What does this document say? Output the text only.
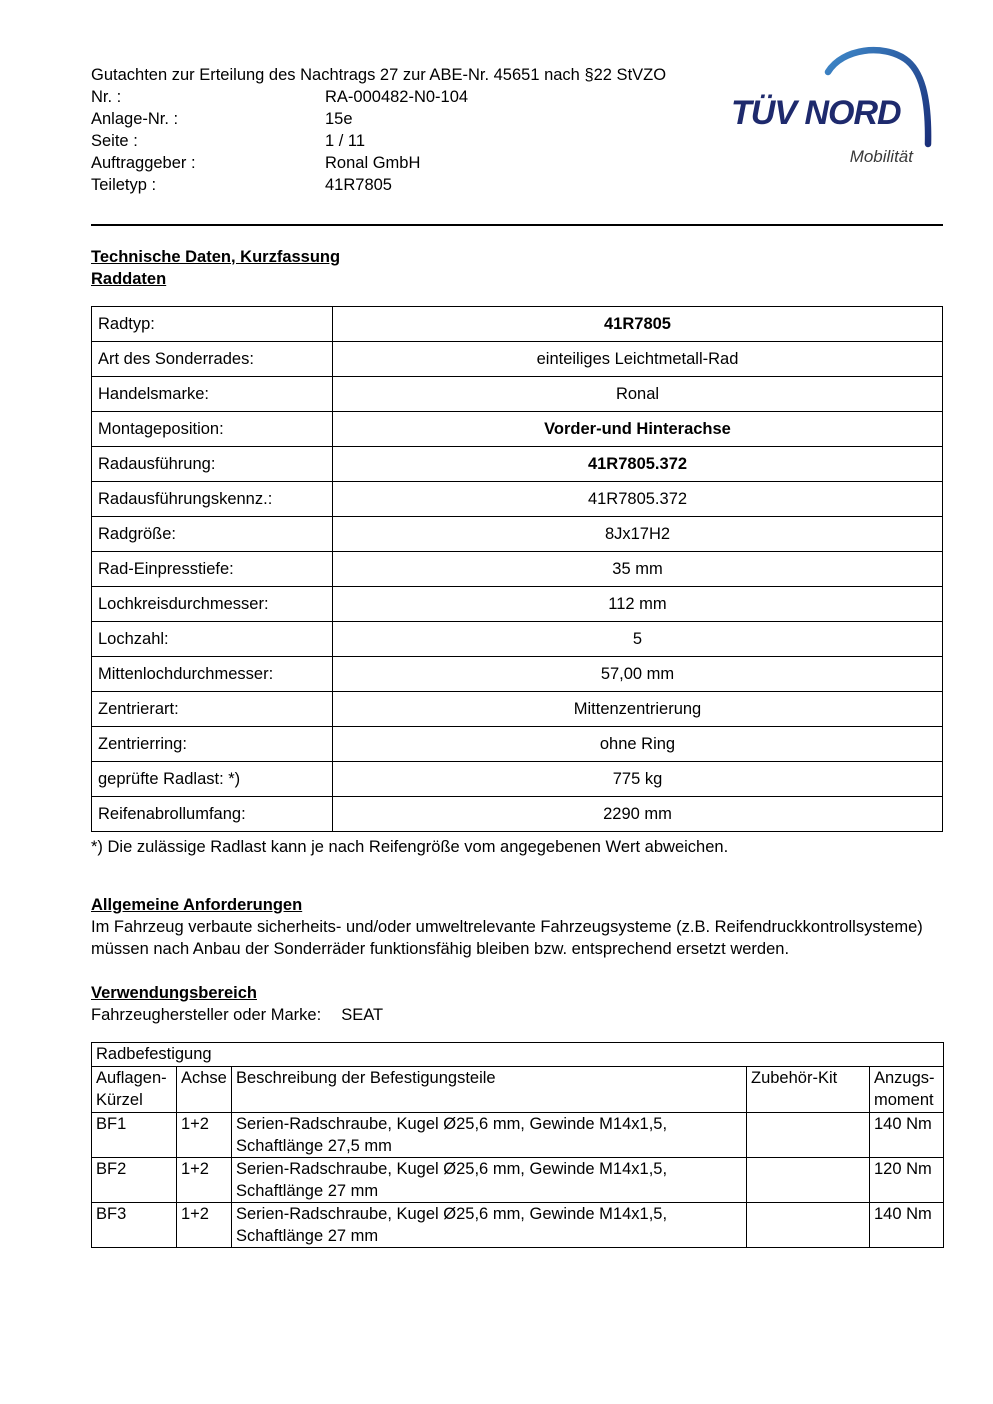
Gutachten zur Erteilung des Nachtrags 27 zur ABE-Nr. 45651 nach §22 StVZO
Nr. :	RA-000482-N0-104
Anlage-Nr. :	15e
Seite :	1 / 11
Auftraggeber :	Ronal GmbH
Teiletyp :	41R7805
TÜV NORD
Mobilität
Technische Daten, Kurzfassung
Raddaten
Radtyp:	41R7805
Art des Sonderrades:	einteiliges Leichtmetall-Rad
Handelsmarke:	Ronal
Montageposition:	Vorder-und Hinterachse
Radausführung:	41R7805.372
Radausführungskennz.:	41R7805.372
Radgröße:	8Jx17H2
Rad-Einpresstiefe:	35 mm
Lochkreisdurchmesser:	112 mm
Lochzahl:	5
Mittenlochdurchmesser:	57,00 mm
Zentrierart:	Mittenzentrierung
Zentrierring:	ohne Ring
geprüfte Radlast: *)	775 kg
Reifenabrollumfang:	2290 mm
*) Die zulässige Radlast kann je nach Reifengröße vom angegebenen Wert abweichen.
Allgemeine Anforderungen
Im Fahrzeug verbaute sicherheits- und/oder umweltrelevante Fahrzeugsysteme (z.B. Reifendruckkontrollsysteme) müssen nach Anbau der Sonderräder funktionsfähig bleiben bzw. entsprechend ersetzt werden.
Verwendungsbereich
Fahrzeughersteller oder Marke: SEAT
Radbefestigung				
Auflagen-Kürzel	Achse	Beschreibung der Befestigungsteile	Zubehör-Kit	Anzugs-moment
BF1	1+2	Serien-Radschraube, Kugel Ø25,6 mm, Gewinde M14x1,5, Schaftlänge 27,5 mm		140 Nm
BF2	1+2	Serien-Radschraube, Kugel Ø25,6 mm, Gewinde M14x1,5, Schaftlänge 27 mm		120 Nm
BF3	1+2	Serien-Radschraube, Kugel Ø25,6 mm, Gewinde M14x1,5, Schaftlänge 27 mm		140 Nm
